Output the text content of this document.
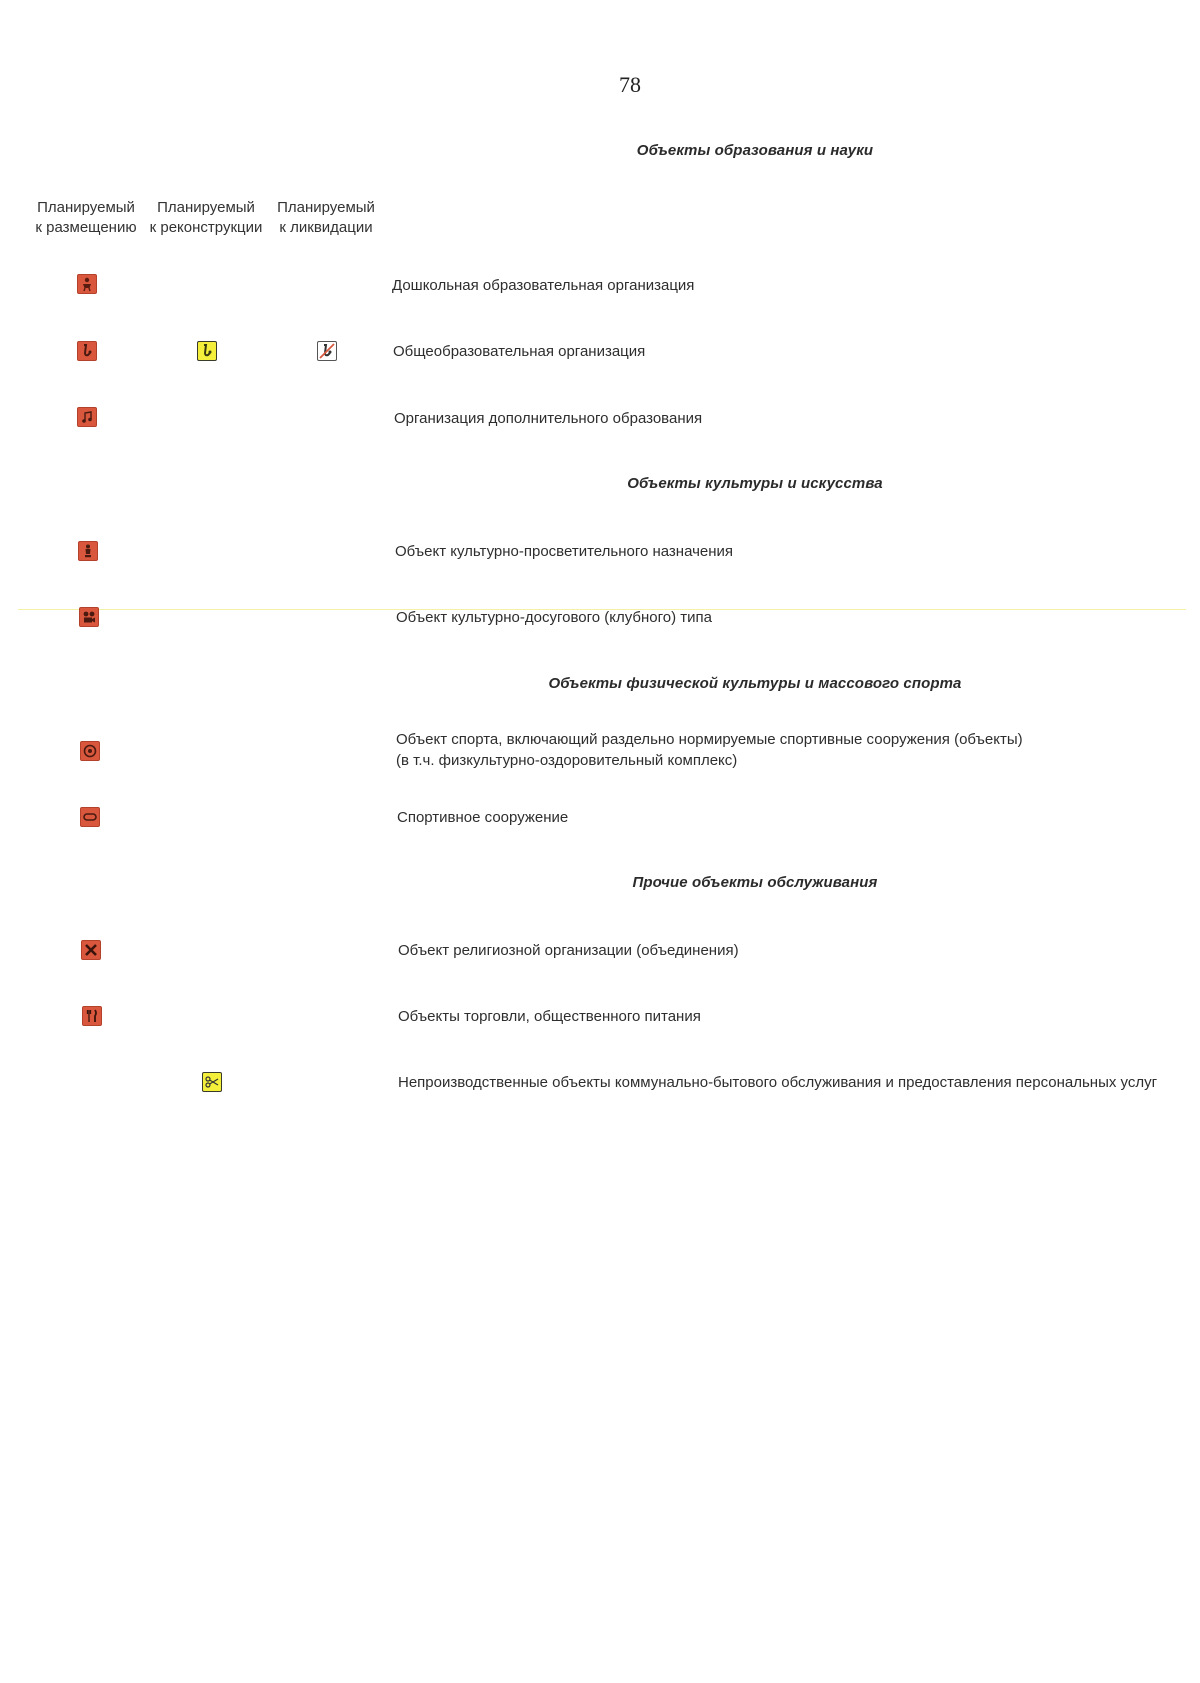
78
Объекты образования и науки
Планируемый
к размещению
Планируемый
к реконструкции
Планируемый
к ликвидации
Дошкольная образовательная организация
Общеобразовательная организация
Организация дополнительного образования
Объекты культуры и искусства
Объект культурно-просветительного назначения
Объект культурно-досугового (клубного) типа
Объекты физической культуры и массового спорта
Объект спорта, включающий раздельно нормируемые спортивные сооружения (объекты)
(в т.ч. физкультурно-оздоровительный комплекс)
Спортивное сооружение
Прочие объекты обслуживания
Объект религиозной организации (объединения)
Объекты торговли, общественного питания
Непроизводственные объекты коммунально-бытового обслуживания и предоставления персональных услуг
